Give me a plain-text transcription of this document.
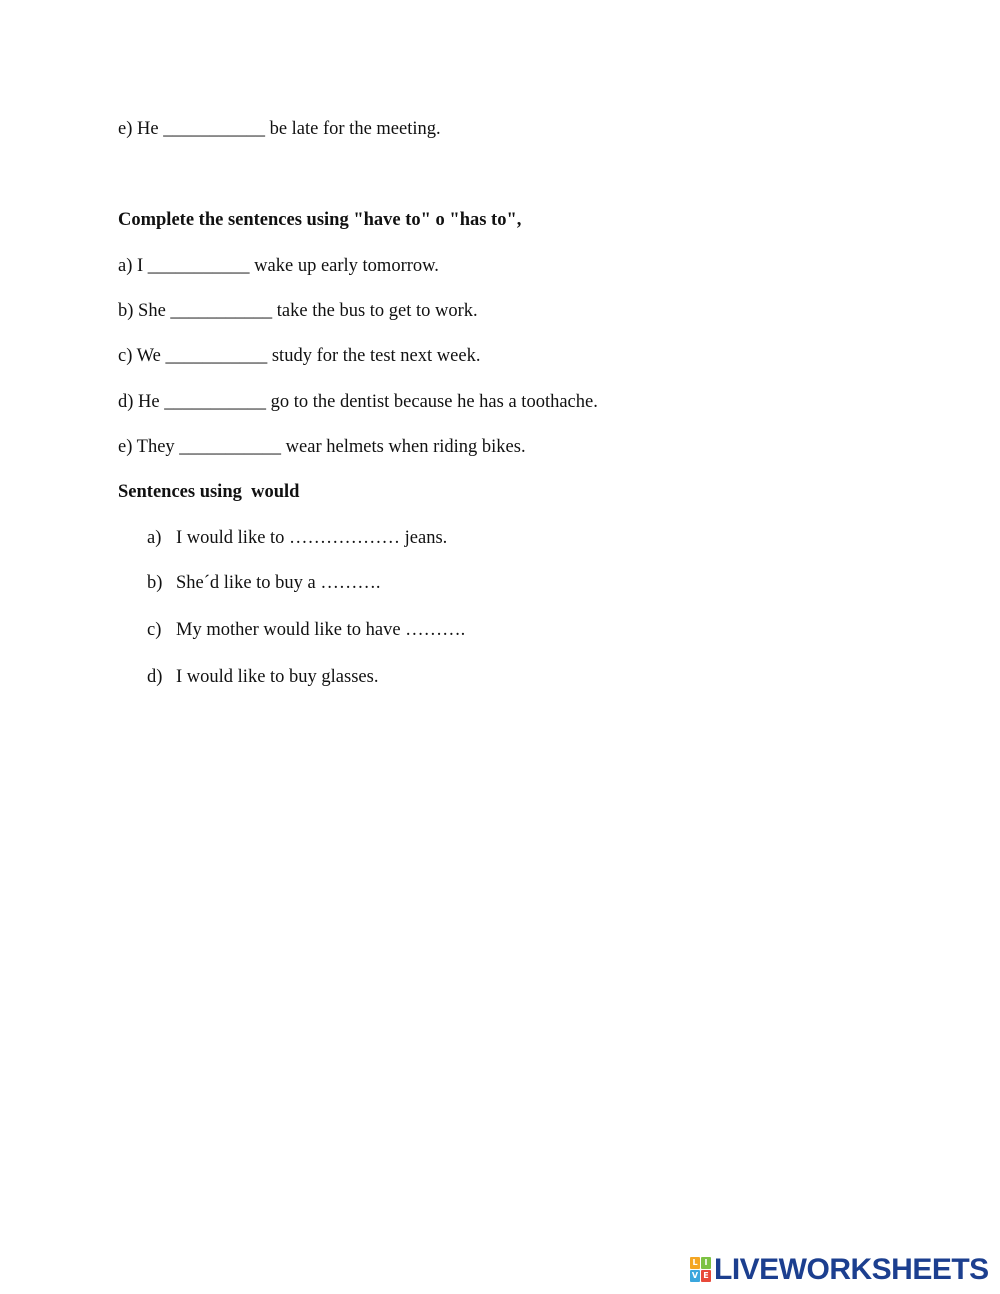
e) He ___________ be late for the meeting.
Complete the sentences using "have to" o "has to",
a) I ___________ wake up early tomorrow.
b) She ___________ take the bus to get to work.
c) We ___________ study for the test next week.
d) He ___________ go to the dentist because he has a toothache.
e) They ___________ wear helmets when riding bikes.
Sentences using  would
a) I would like to ……………… jeans.
b) She´d like to buy a ……….
c) My mother would like to have ……….
d) I would like to buy glasses.
L I
V E LIVEWORKSHEETS
